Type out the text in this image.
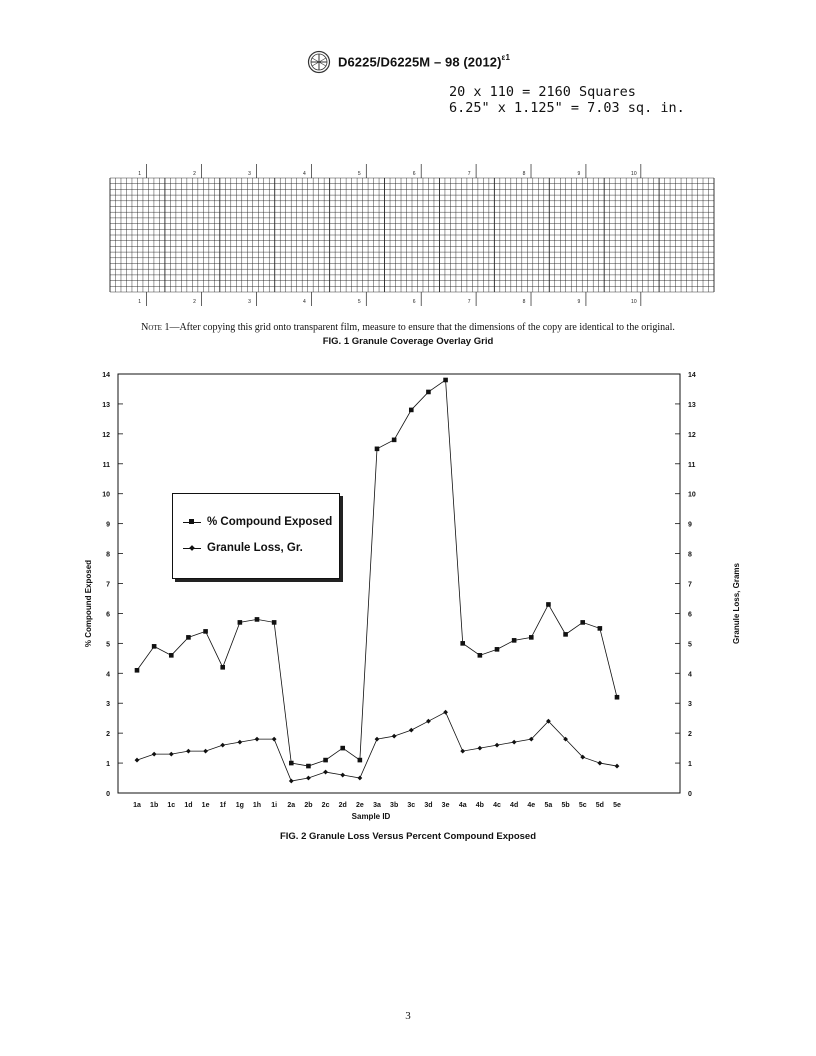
D6225/D6225M – 98 $(2012)^{\varepsilon 1}$
20 x 110 = 2160 Squares
6.25" x 1.125" = 7.03 sq. in.
1
1
2
2
3
3
4
4
5
5
6
6
7
7
8
8
9
9
10
10
Note 1—After copying this grid onto transparent film, measure to ensure that the dimensions of the copy are identical to the original.
FIG. 1 Granule Coverage Overlay Grid
0	0
1	1
2	2
3	3
4	4
5	5
6	6
7	7
8	8
9	9
10	10
11	11
12	12
13	13
14	14
1a 1b 1c 1d 1e 1f 1g 1h 1i 2a 2b 2c 2d 2e 3a 3b 3c 3d 3e 4a 4b 4c 4d 4e 5a 5b 5c 5d 5e
Sample ID
% Compound Exposed	Granule Loss, Grams
% Compound Exposed
Granule Loss, Gr.
FIG. 2 Granule Loss Versus Percent Compound Exposed
3
